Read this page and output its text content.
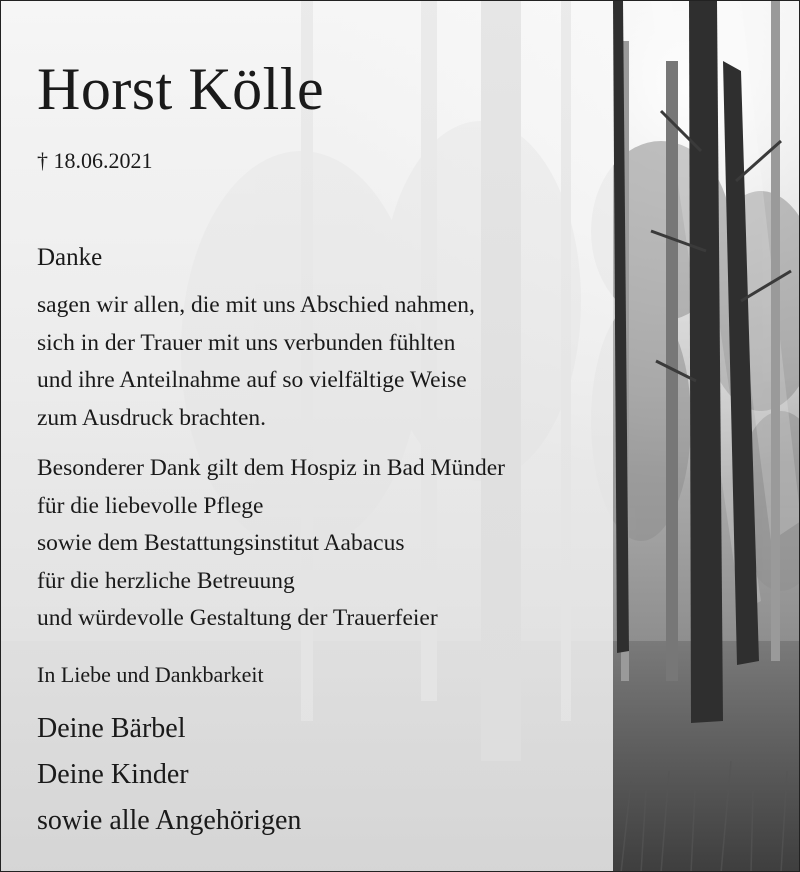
Horst Kölle
† 18.06.2021
Danke
sagen wir allen, die mit uns Abschied nahmen,
sich in der Trauer mit uns verbunden fühlten
und ihre Anteilnahme auf so vielfältige Weise
zum Ausdruck brachten.
Besonderer Dank gilt dem Hospiz in Bad Münder
für die liebevolle Pflege
sowie dem Bestattungsinstitut Aabacus
für die herzliche Betreuung
und würdevolle Gestaltung der Trauerfeier
In Liebe und Dankbarkeit
Deine Bärbel
Deine Kinder
sowie alle Angehörigen
